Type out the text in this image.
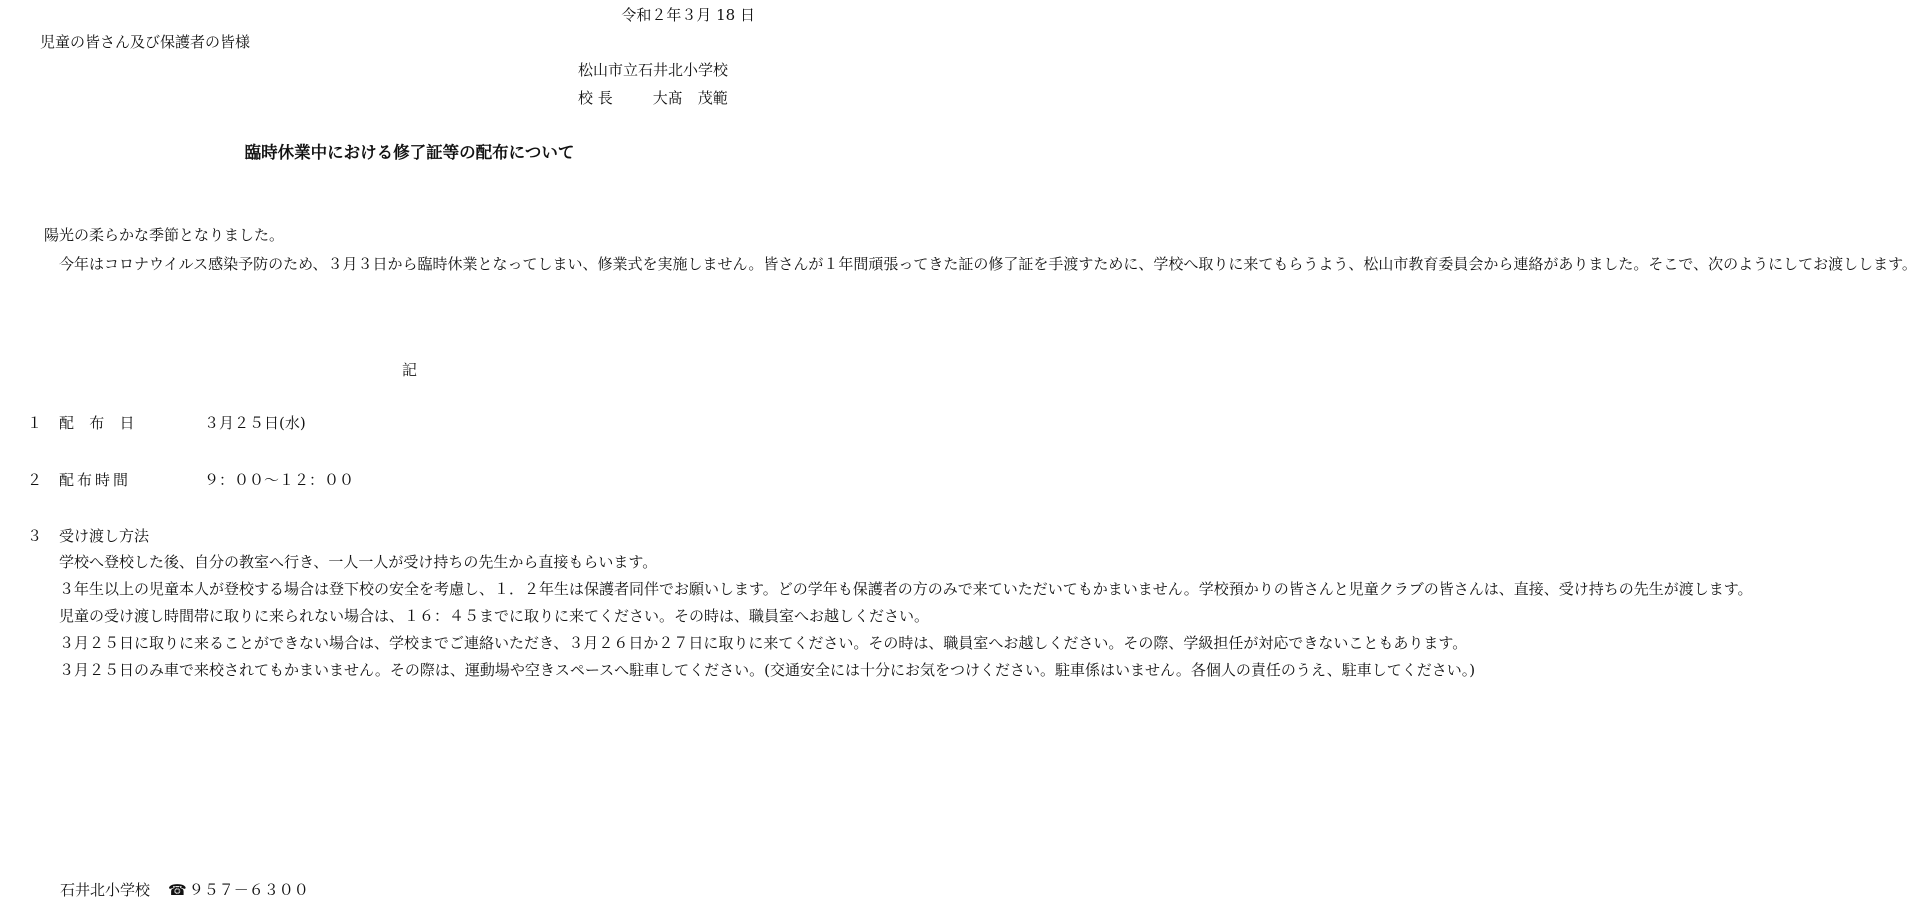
令和２年３月 18 日
児童の皆さん及び保護者の皆様
松山市立石井北小学校
校 長	大髙　茂範
臨時休業中における修了証等の配布について

陽光の柔らかな季節となりました。

今年はコロナウイルス感染予防のため、３月３日から臨時休業となってしまい、修業式を実施しません。皆さんが１年間頑張ってきた証の修了証を手渡すために、学校へ取りに来てもらうよう、松山市教育委員会から連絡がありました。そこで、次のようにしてお渡しします。

記
１ 配 布 日	３月２５日(水)
２ 配布時間	９：００～１２：００
３ 受け渡し方法

学校へ登校した後、自分の教室へ行き、一人一人が受け持ちの先生から直接もらいます。

３年生以上の児童本人が登校する場合は登下校の安全を考慮し、１．２年生は保護者同伴でお願いします。どの学年も保護者の方のみで来ていただいてもかまいません。学校預かりの皆さんと児童クラブの皆さんは、直接、受け持ちの先生が渡します。

児童の受け渡し時間帯に取りに来られない場合は、１６：４５までに取りに来てください。その時は、職員室へお越しください。

３月２５日に取りに来ることができない場合は、学校までご連絡いただき、３月２６日か２７日に取りに来てください。その時は、職員室へお越しください。その際、学級担任が対応できないこともあります。

３月２５日のみ車で来校されてもかまいません。その際は、運動場や空きスペースへ駐車してください。(交通安全には十分にお気をつけください。駐車係はいません。各個人の責任のうえ、駐車してください。)

石井北小学校 ☎ ９５７－６３００
